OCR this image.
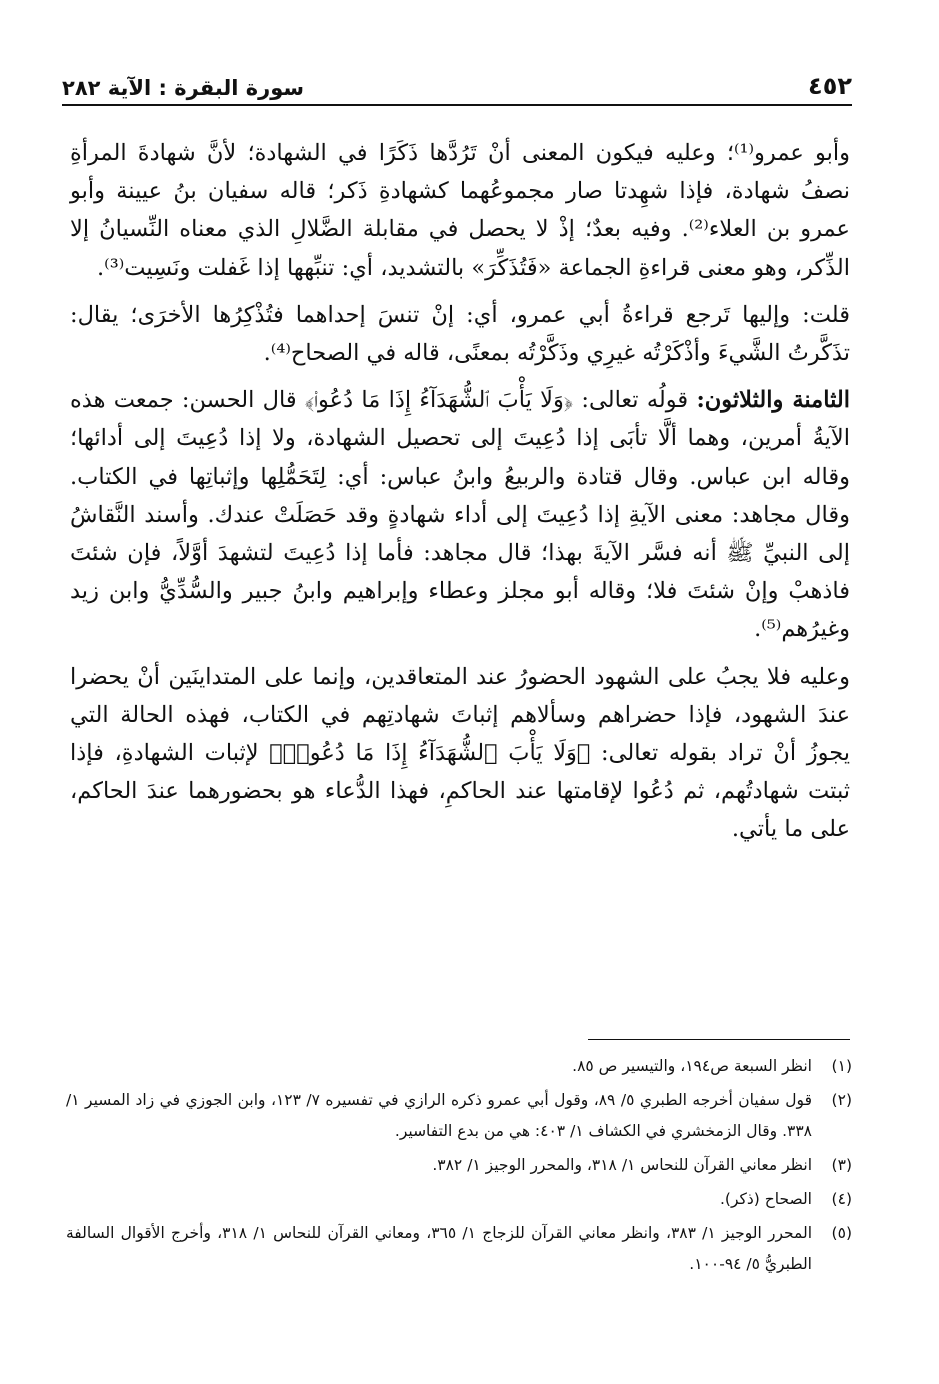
٤٥٢
سورة البقرة : الآية ٢٨٢

وأبو عمرو⁽¹⁾؛ وعليه فيكون المعنى أنْ تَرُدَّها ذَكَرًا في الشهادة؛ لأنَّ شهادةَ المرأةِ نصفُ شهادة، فإذا شهِدتا صار مجموعُهما كشهادةِ ذَكر؛ قاله سفيان بنُ عيينة وأبو عمرو بن العلاء⁽²⁾. وفيه بعدٌ؛ إذْ لا يحصل في مقابلة الضَّلالِ الذي معناه النِّسيانُ إلا الذِّكر، وهو معنى قراءةِ الجماعة «فَتُذَكِّرَ» بالتشديد، أي: تنبِّهها إذا غَفلت ونَسِيت⁽³⁾.

قلت: وإليها تَرجع قراءةُ أبي عمرو، أي: إنْ تنسَ إحداهما فتُذْكِرُها الأخرَى؛ يقال: تذَكَّرتُ الشَّيءَ وأذْكَرْتُه غيرِي وذَكَّرْتُه بمعنًى، قاله في الصحاح⁽⁴⁾.

الثامنة والثلاثون: قولُه تعالى: ﴿وَلَا يَأْبَ ٱلشُّهَدَآءُ إِذَا مَا دُعُوا۟﴾ قال الحسن: جمعت هذه الآيةُ أمرين، وهما ألَّا تأبَى إذا دُعِيتَ إلى تحصيل الشهادة، ولا إذا دُعِيتَ إلى أدائها؛ وقاله ابن عباس. وقال قتادة والربيعُ وابنُ عباس: أي: لِتَحَمُّلِها وإثباتِها في الكتاب. وقال مجاهد: معنى الآيةِ إذا دُعِيتَ إلى أداء شهادةٍ وقد حَصَلَتْ عندك. وأسند النَّقاشُ إلى النبيِّ ﷺ أنه فسَّر الآيةَ بهذا؛ قال مجاهد: فأما إذا دُعِيتَ لتشهدَ أوَّلاً، فإن شئتَ فاذهبْ وإنْ شئتَ فلا؛ وقاله أبو مجلز وعطاء وإبراهيم وابنُ جبير والسُّدِّيُّ وابن زيد وغيرُهم⁽⁵⁾.

وعليه فلا يجبُ على الشهود الحضورُ عند المتعاقدين، وإنما على المتداينَين أنْ يحضرا عندَ الشهود، فإذا حضراهم وسألاهم إثباتَ شهادتِهم في الكتاب، فهذه الحالة التي يجوزُ أنْ تراد بقوله تعالى: ﴿وَلَا يَأْبَ ٱلشُّهَدَآءُ إِذَا مَا دُعُوا۟﴾ لإثبات الشهادةِ، فإذا ثبتت شهادتُهم، ثم دُعُوا لإقامتها عند الحاكمِ، فهذا الدُّعاء هو بحضورهما عندَ الحاكم، على ما يأتي.

(١)
انظر السبعة ص١٩٤، والتيسير ص ٨٥.
(٢)
قول سفيان أخرجه الطبري ٥/ ٨٩، وقول أبي عمرو ذكره الرازي في تفسيره ٧/ ١٢٣، وابن الجوزي في زاد المسير ١/ ٣٣٨. وقال الزمخشري في الكشاف ١/ ٤٠٣: هي من بدع التفاسير.
(٣)
انظر معاني القرآن للنحاس ١/ ٣١٨، والمحرر الوجيز ١/ ٣٨٢.
(٤)
الصحاح (ذكر).
(٥)
المحرر الوجيز ١/ ٣٨٣، وانظر معاني القرآن للزجاج ١/ ٣٦٥، ومعاني القرآن للنحاس ١/ ٣١٨، وأخرج الأقوال السالفة الطبريُّ ٥/ ٩٤-١٠٠.
